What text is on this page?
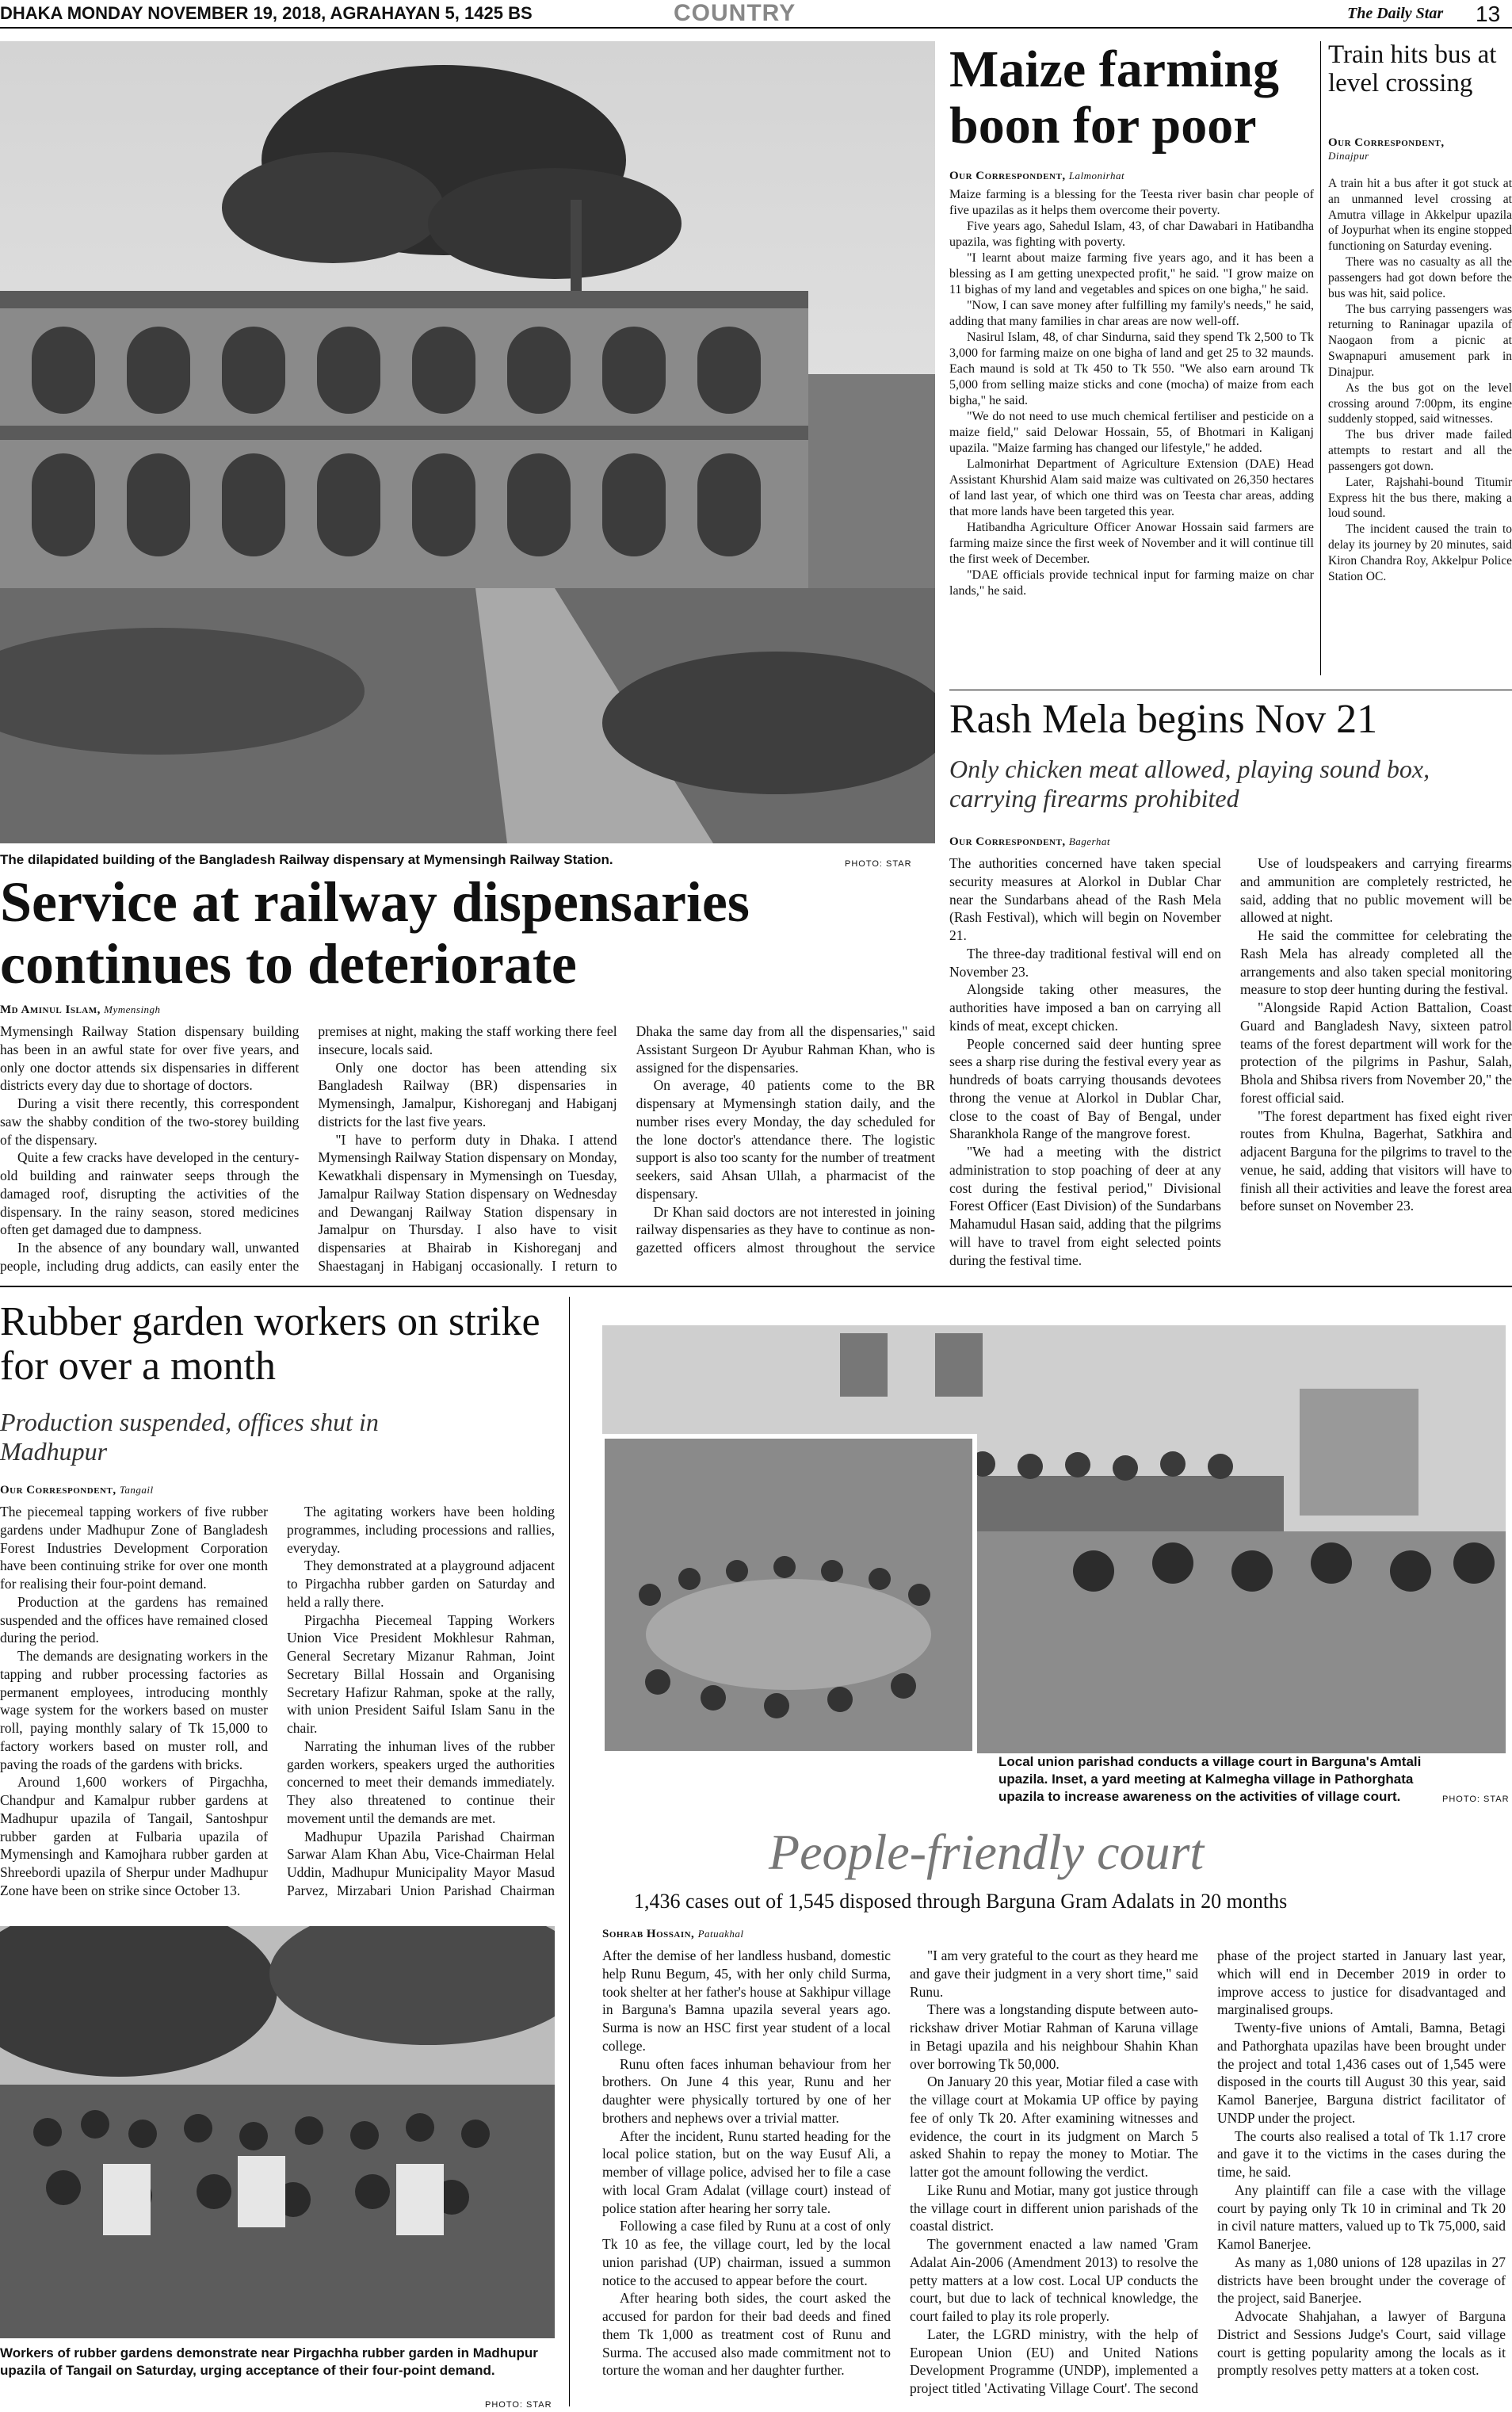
DHAKA MONDAY NOVEMBER 19, 2018, AGRAHAYAN 5, 1425 BS	COUNTRY	The Daily Star 13
The dilapidated building of the Bangladesh Railway dispensary at Mymensingh Railway Station.	PHOTO: STAR
Service at railway dispensaries continues to deteriorate
Md Aminul Islam, Mymensingh

Mymensingh Railway Station dispensary building has been in an awful state for over five years, and only one doctor attends six dispensaries in different districts every day due to shortage of doctors.

During a visit there recently, this correspondent saw the shabby condition of the two-storey building of the dispensary.

Quite a few cracks have developed in the century-old building and rainwater seeps through the damaged roof, disrupting the activities of the dispensary. In the rainy season, stored medicines often get damaged due to dampness.

In the absence of any boundary wall, unwanted people, including drug addicts, can easily enter the premises at night, making the staff working there feel insecure, locals said.

Only one doctor has been attending six Bangladesh Railway (BR) dispensaries in Mymensingh, Jamalpur, Kishoreganj and Habiganj districts for the last five years.

"I have to perform duty in Dhaka. I attend Mymensingh Railway Station dispensary on Monday, Kewatkhali dispensary in Mymensingh on Tuesday, Jamalpur Railway Station dispensary on Wednesday and Dewanganj Railway Station dispensary in Jamalpur on Thursday. I also have to visit dispensaries at Bhairab in Kishoreganj and Shaestaganj in Habiganj occasionally. I return to Dhaka the same day from all the dispensaries," said Assistant Surgeon Dr Ayubur Rahman Khan, who is assigned for the dispensaries.

On average, 40 patients come to the BR dispensary at Mymensingh station daily, and the number rises every Monday, the day scheduled for the lone doctor's attendance there. The logistic support is also too scanty for the number of treatment seekers, said Ahsan Ullah, a pharmacist of the dispensary.

Dr Khan said doctors are not interested in joining railway dispensaries as they have to continue as non-gazetted officers almost throughout the service

Maize farming boon for poor
Our Correspondent, Lalmonirhat

Maize farming is a blessing for the Teesta river basin char people of five upazilas as it helps them overcome their poverty.

Five years ago, Sahedul Islam, 43, of char Dawabari in Hatibandha upazila, was fighting with poverty.

"I learnt about maize farming five years ago, and it has been a blessing as I am getting unexpected profit," he said. "I grow maize on 11 bighas of my land and vegetables and spices on one bigha," he said.

"Now, I can save money after fulfilling my family's needs," he said, adding that many families in char areas are now well-off.

Nasirul Islam, 48, of char Sindurna, said they spend Tk 2,500 to Tk 3,000 for farming maize on one bigha of land and get 25 to 32 maunds. Each maund is sold at Tk 450 to Tk 550. "We also earn around Tk 5,000 from selling maize sticks and cone (mocha) of maize from each bigha," he said.

"We do not need to use much chemical fertiliser and pesticide on a maize field," said Delowar Hossain, 55, of Bhotmari in Kaliganj upazila. "Maize farming has changed our lifestyle," he added.

Lalmonirhat Department of Agriculture Extension (DAE) Head Assistant Khurshid Alam said maize was cultivated on 26,350 hectares of land last year, of which one third was on Teesta char areas, adding that more lands have been targeted this year.

Hatibandha Agriculture Officer Anowar Hossain said farmers are farming maize since the first week of November and it will continue till the first week of December.

"DAE officials provide technical input for farming maize on char lands," he said.

Train hits bus at level crossing
Our Correspondent,
Dinajpur

A train hit a bus after it got stuck at an unmanned level crossing at Amutra village in Akkelpur upazila of Joypurhat when its engine stopped functioning on Saturday evening.

There was no casualty as all the passengers had got down before the bus was hit, said police.

The bus carrying passengers was returning to Raninagar upazila of Naogaon from a picnic at Swapnapuri amusement park in Dinajpur.

As the bus got on the level crossing around 7:00pm, its engine suddenly stopped, said witnesses.

The bus driver made failed attempts to restart and all the passengers got down.

Later, Rajshahi-bound Titumir Express hit the bus there, making a loud sound.

The incident caused the train to delay its journey by 20 minutes, said Kiron Chandra Roy, Akkelpur Police Station OC.

Rash Mela begins Nov 21
Only chicken meat allowed, playing sound box, carrying firearms prohibited
Our Correspondent, Bagerhat

The authorities concerned have taken special security measures at Alorkol in Dublar Char near the Sundarbans ahead of the Rash Mela (Rash Festival), which will begin on November 21.

The three-day traditional festival will end on November 23.

Alongside taking other measures, the authorities have imposed a ban on carrying all kinds of meat, except chicken.

People concerned said deer hunting spree sees a sharp rise during the festival every year as hundreds of boats carrying thousands devotees throng the venue at Alorkol in Dublar Char, close to the coast of Bay of Bengal, under Sharankhola Range of the mangrove forest.

"We had a meeting with the district administration to stop poaching of deer at any cost during the festival period," Divisional Forest Officer (East Division) of the Sundarbans Mahamudul Hasan said, adding that the pilgrims will have to travel from eight selected points during the festival time.

Use of loudspeakers and carrying firearms and ammunition are completely restricted, he said, adding that no public movement will be allowed at night.

He said the committee for celebrating the Rash Mela has already completed all the arrangements and also taken special monitoring measure to stop deer hunting during the festival.

"Alongside Rapid Action Battalion, Coast Guard and Bangladesh Navy, sixteen patrol teams of the forest department will work for the protection of the pilgrims in Pashur, Salah, Bhola and Shibsa rivers from November 20," the forest official said.

"The forest department has fixed eight river routes from Khulna, Bagerhat, Satkhira and adjacent Barguna for the pilgrims to travel to the venue, he said, adding that visitors will have to finish all their activities and leave the forest area before sunset on November 23.

Rubber garden workers on strike for over a month
Production suspended, offices shut in Madhupur
Our Correspondent, Tangail

The piecemeal tapping workers of five rubber gardens under Madhupur Zone of Bangladesh Forest Industries Development Corporation have been continuing strike for over one month for realising their four-point demand.

Production at the gardens has remained suspended and the offices have remained closed during the period.

The demands are designating workers in the tapping and rubber processing factories as permanent employees, introducing monthly wage system for the workers based on muster roll, paying monthly salary of Tk 15,000 to factory workers based on muster roll, and paving the roads of the gardens with bricks.

Around 1,600 workers of Pirgachha, Chandpur and Kamalpur rubber gardens at Madhupur upazila of Tangail, Santoshpur rubber garden at Fulbaria upazila of Mymensingh and Kamojhara rubber garden at Shreebordi upazila of Sherpur under Madhupur Zone have been on strike since October 13.

The agitating workers have been holding programmes, including processions and rallies, everyday.

They demonstrated at a playground adjacent to Pirgachha rubber garden on Saturday and held a rally there.

Pirgachha Piecemeal Tapping Workers Union Vice President Mokhlesur Rahman, General Secretary Mizanur Rahman, Joint Secretary Billal Hossain and Organising Secretary Hafizur Rahman, spoke at the rally, with union President Saiful Islam Sanu in the chair.

Narrating the inhuman lives of the rubber garden workers, speakers urged the authorities concerned to meet their demands immediately. They also threatened to continue their movement until the demands are met.

Madhupur Upazila Parishad Chairman Sarwar Alam Khan Abu, Vice-Chairman Helal Uddin, Madhupur Municipality Mayor Masud Parvez, Mirzabari Union Parishad Chairman

Workers of rubber gardens demonstrate near Pirgachha rubber garden in Madhupur upazila of Tangail on Saturday, urging acceptance of their four-point demand.
PHOTO: STAR
Local union parishad conducts a village court in Barguna's Amtali upazila. Inset, a yard meeting at Kalmegha village in Pathorghata upazila to increase awareness on the activities of village court.	PHOTO: STAR
People-friendly court
1,436 cases out of 1,545 disposed through Barguna Gram Adalats in 20 months
Sohrab Hossain, Patuakhal

After the demise of her landless husband, domestic help Runu Begum, 45, with her only child Surma, took shelter at her father's house at Sakhipur village in Barguna's Bamna upazila several years ago. Surma is now an HSC first year student of a local college.

Runu often faces inhuman behaviour from her brothers. On June 4 this year, Runu and her daughter were physically tortured by one of her brothers and nephews over a trivial matter.

After the incident, Runu started heading for the local police station, but on the way Eusuf Ali, a member of village police, advised her to file a case with local Gram Adalat (village court) instead of police station after hearing her sorry tale.

Following a case filed by Runu at a cost of only Tk 10 as fee, the village court, led by the local union parishad (UP) chairman, issued a summon notice to the accused to appear before the court.

After hearing both sides, the court asked the accused for pardon for their bad deeds and fined them Tk 1,000 as treatment cost of Runu and Surma. The accused also made commitment not to torture the woman and her daughter further.

"I am very grateful to the court as they heard me and gave their judgment in a very short time," said Runu.

There was a longstanding dispute between auto-rickshaw driver Motiar Rahman of Karuna village in Betagi upazila and his neighbour Shahin Khan over borrowing Tk 50,000.

On January 20 this year, Motiar filed a case with the village court at Mokamia UP office by paying fee of only Tk 20. After examining witnesses and evidence, the court in its judgment on March 5 asked Shahin to repay the money to Motiar. The latter got the amount following the verdict.

Like Runu and Motiar, many got justice through the village court in different union parishads of the coastal district.

The government enacted a law named 'Gram Adalat Ain-2006 (Amendment 2013) to resolve the petty matters at a low cost. Local UP conducts the court, but due to lack of technical knowledge, the court failed to play its role properly.

Later, the LGRD ministry, with the help of European Union (EU) and United Nations Development Programme (UNDP), implemented a project titled 'Activating Village Court'. The second phase of the project started in January last year, which will end in December 2019 in order to improve access to justice for disadvantaged and marginalised groups.

Twenty-five unions of Amtali, Bamna, Betagi and Pathorghata upazilas have been brought under the project and total 1,436 cases out of 1,545 were disposed in the courts till August 30 this year, said Kamol Banerjee, Barguna district facilitator of UNDP under the project.

The courts also realised a total of Tk 1.17 crore and gave it to the victims in the cases during the time, he said.

Any plaintiff can file a case with the village court by paying only Tk 10 in criminal and Tk 20 in civil nature matters, valued up to Tk 75,000, said Kamol Banerjee.

As many as 1,080 unions of 128 upazilas in 27 districts have been brought under the coverage of the project, said Banerjee.

Advocate Shahjahan, a lawyer of Barguna District and Sessions Judge's Court, said village court is getting popularity among the locals as it promptly resolves petty matters at a token cost.
